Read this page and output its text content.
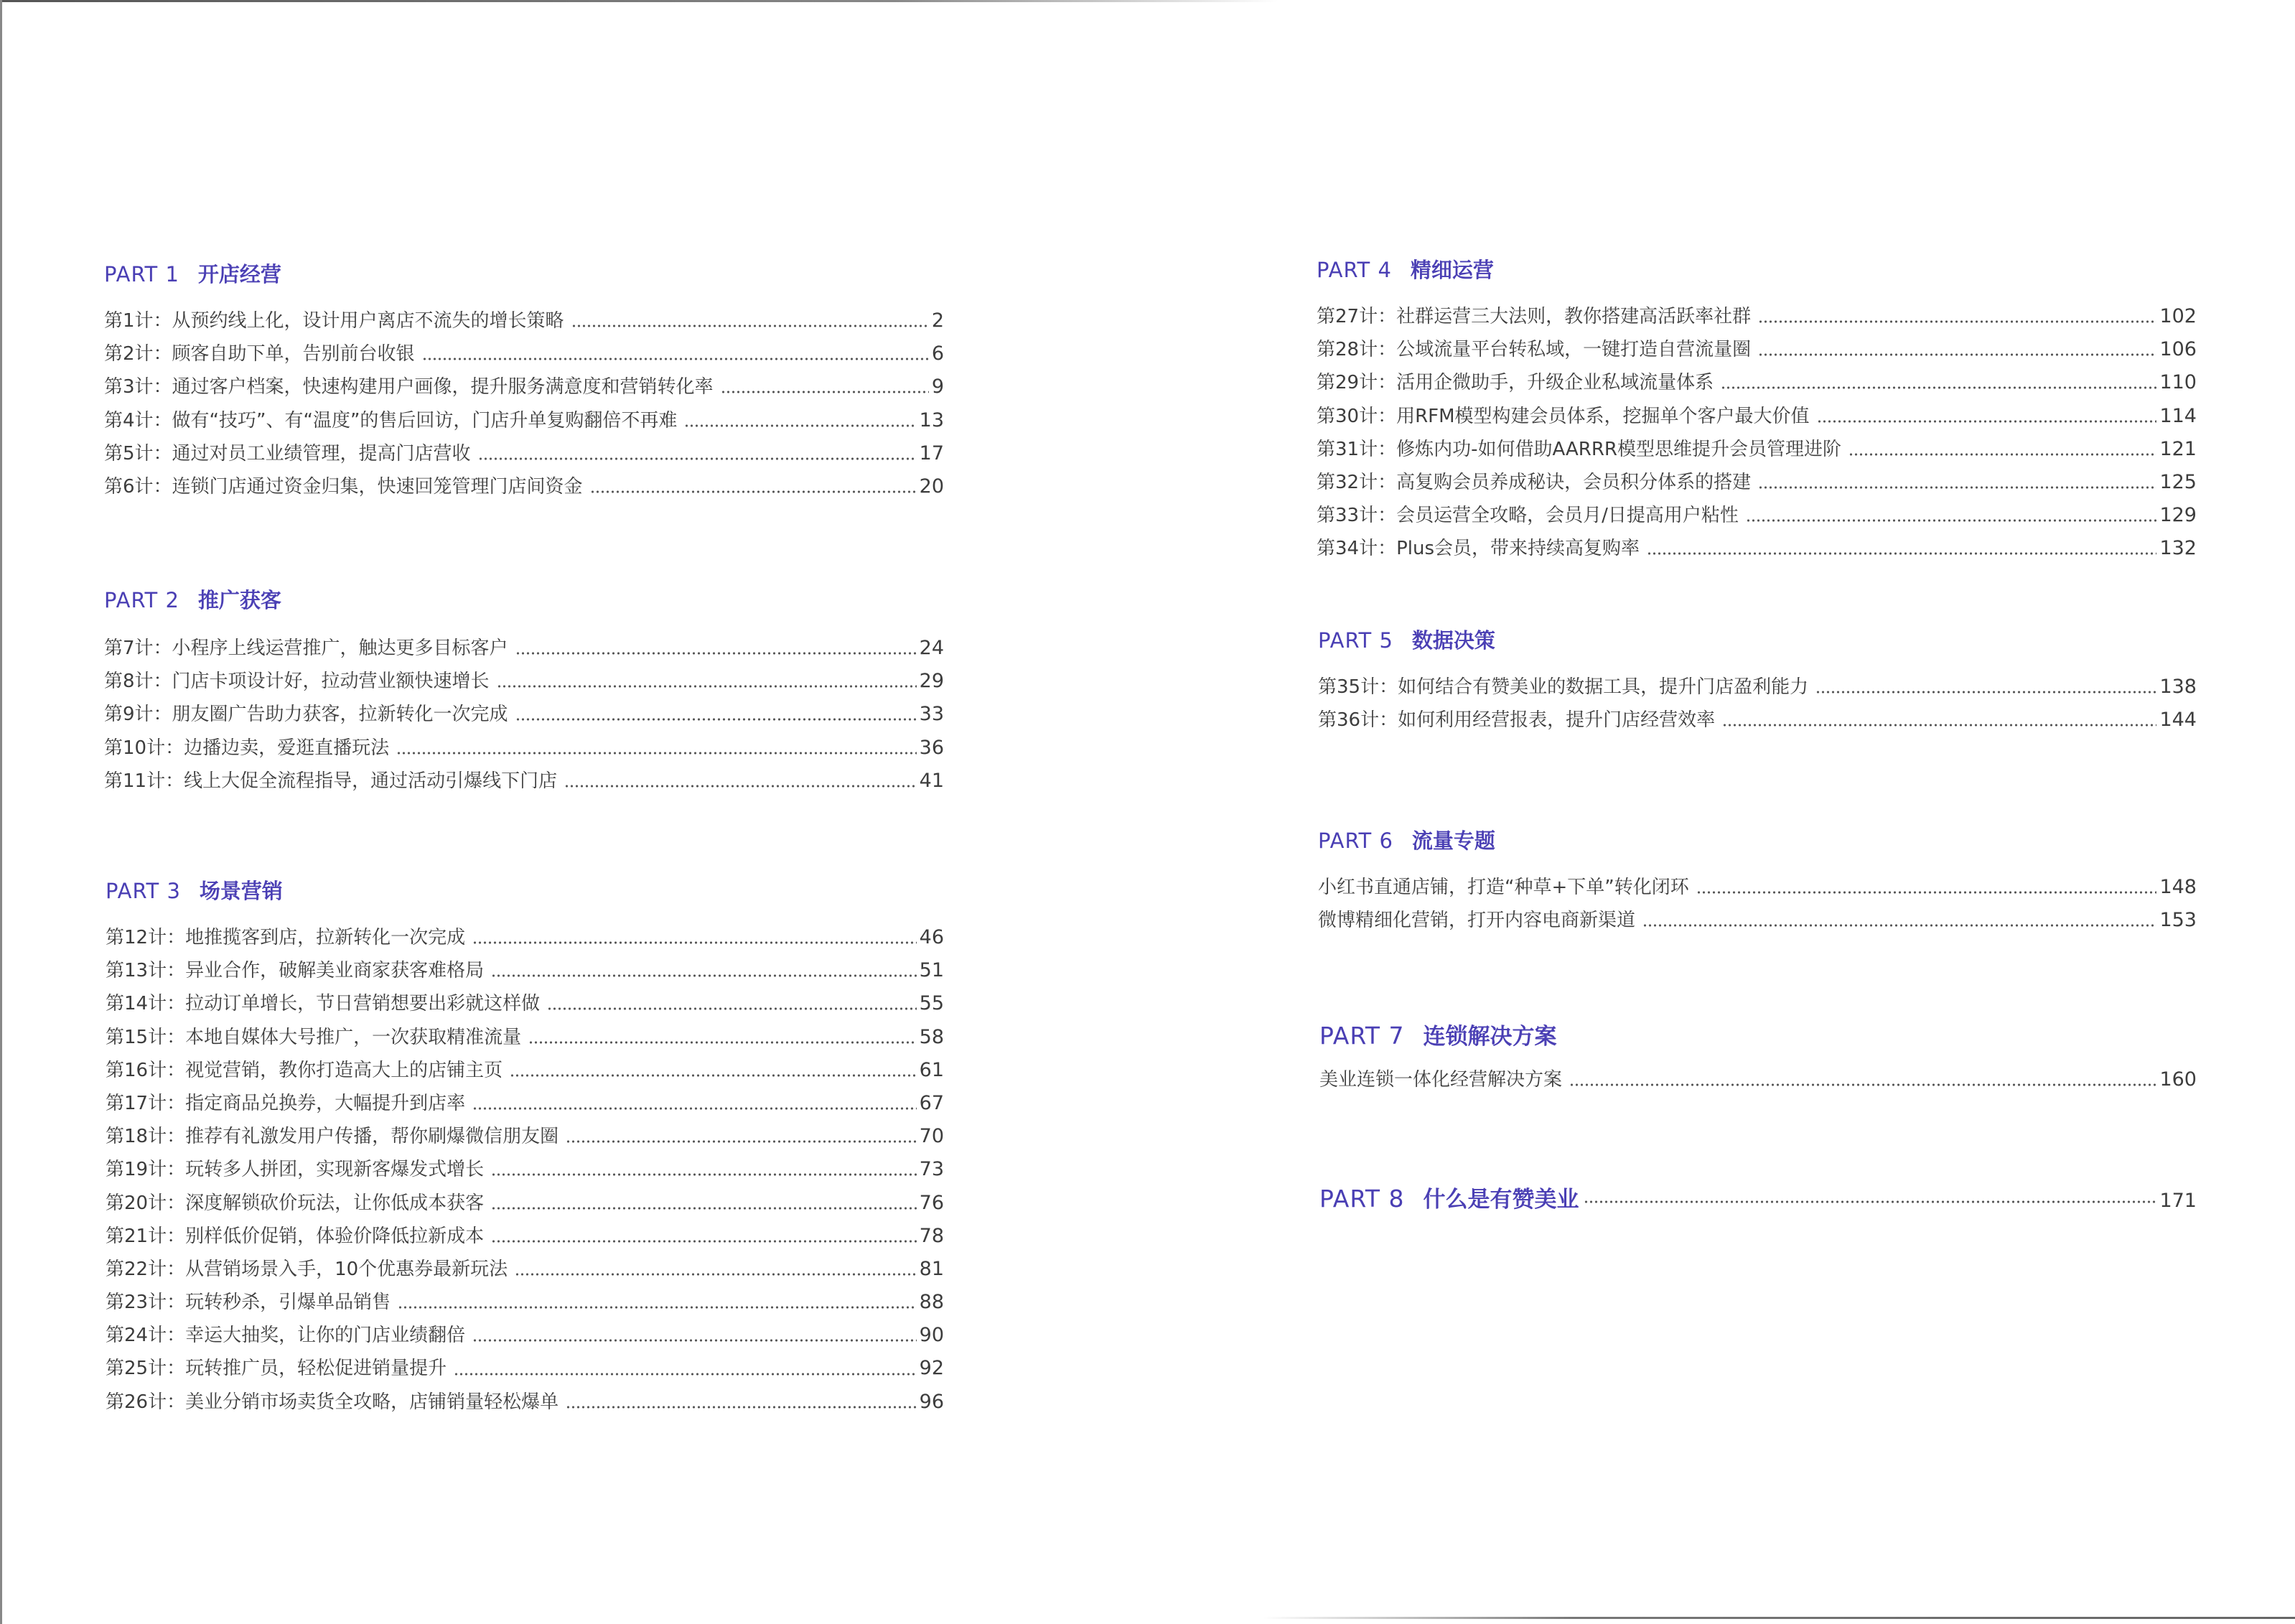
PART 1 开店经营
第1计：从预约线上化，设计用户离店不流失的增长策略	2
第2计：顾客自助下单，告别前台收银	6
第3计：通过客户档案，快速构建用户画像，提升服务满意度和营销转化率	9
第4计：做有“技巧”、有“温度”的售后回访，门店升单复购翻倍不再难	13
第5计：通过对员工业绩管理，提高门店营收	17
第6计：连锁门店通过资金归集，快速回笼管理门店间资金	20
PART 2 推广获客
第7计：小程序上线运营推广，触达更多目标客户	24
第8计：门店卡项设计好，拉动营业额快速增长	29
第9计：朋友圈广告助力获客，拉新转化一次完成	33
第10计：边播边卖，爱逛直播玩法	36
第11计：线上大促全流程指导，通过活动引爆线下门店	41
PART 3 场景营销
第12计：地推揽客到店，拉新转化一次完成	46
第13计：异业合作，破解美业商家获客难格局	51
第14计：拉动订单增长，节日营销想要出彩就这样做	55
第15计：本地自媒体大号推广，一次获取精准流量	58
第16计：视觉营销，教你打造高大上的店铺主页	61
第17计：指定商品兑换券，大幅提升到店率	67
第18计：推荐有礼激发用户传播，帮你刷爆微信朋友圈	70
第19计：玩转多人拼团，实现新客爆发式增长	73
第20计：深度解锁砍价玩法，让你低成本获客	76
第21计：别样低价促销，体验价降低拉新成本	78
第22计：从营销场景入手，10个优惠券最新玩法	81
第23计：玩转秒杀，引爆单品销售	88
第24计：幸运大抽奖，让你的门店业绩翻倍	90
第25计：玩转推广员，轻松促进销量提升	92
第26计：美业分销市场卖货全攻略，店铺销量轻松爆单	96
PART 4 精细运营
第27计：社群运营三大法则，教你搭建高活跃率社群	102
第28计：公域流量平台转私域，一键打造自营流量圈	106
第29计：活用企微助手，升级企业私域流量体系	110
第30计：用RFM模型构建会员体系，挖掘单个客户最大价值	114
第31计：修炼内功-如何借助AARRR模型思维提升会员管理进阶	121
第32计：高复购会员养成秘诀，会员积分体系的搭建	125
第33计：会员运营全攻略，会员月/日提高用户粘性	129
第34计：Plus会员，带来持续高复购率	132
PART 5 数据决策
第35计：如何结合有赞美业的数据工具，提升门店盈利能力	138
第36计：如何利用经营报表，提升门店经营效率	144
PART 6 流量专题
小红书直通店铺，打造“种草+下单”转化闭环	148
微博精细化营销，打开内容电商新渠道	153
PART 7 连锁解决方案
美业连锁一体化经营解决方案	160
PART 8 什么是有赞美业	171
